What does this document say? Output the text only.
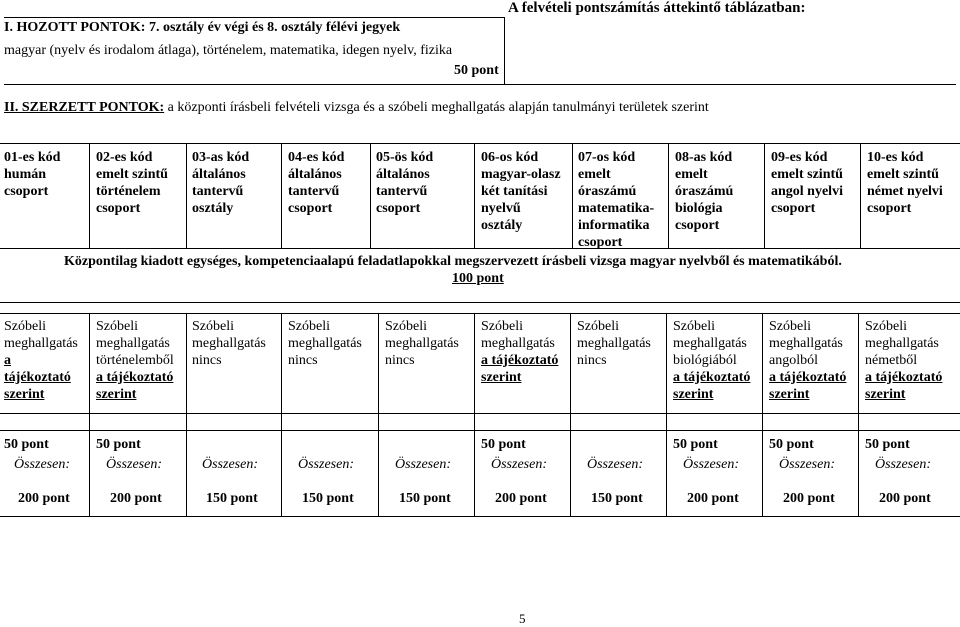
A felvételi pontszámítás áttekintő táblázatban:
I. HOZOTT PONTOK: 7. osztály év végi és 8. osztály félévi jegyek
magyar (nyelv és irodalom átlaga), történelem, matematika, idegen nyelv, fizika
50 pont
II. SZERZETT PONTOK: a központi írásbeli felvételi vizsga és a szóbeli meghallgatás alapján tanulmányi területek szerint
01-es kód
humán
csoport
02-es kód
emelt szintű
történelem
csoport
03-as kód
általános
tantervű
osztály
04-es kód
általános
tantervű
csoport
05-ös kód
általános
tantervű
csoport
06-os kód
magyar-olasz
két tanítási
nyelvű
osztály
07-os kód
emelt
óraszámú
matematika-
informatika
csoport
08-as kód
emelt
óraszámú
biológia
csoport
09-es kód
emelt szintű
angol nyelvi
csoport
10-es kód
emelt szintű
német nyelvi
csoport
Központilag kiadott egységes, kompetenciaalapú feladatlapokkal megszervezett írásbeli vizsga magyar nyelvből és matematikából.
100 pont
Szóbeli
meghallgatás
a
tájékoztató
szerint
Szóbeli
meghallgatás
történelemből
a tájékoztató
szerint
Szóbeli
meghallgatás
nincs
Szóbeli
meghallgatás
nincs
Szóbeli
meghallgatás
nincs
Szóbeli
meghallgatás
a tájékoztató
szerint
Szóbeli
meghallgatás
nincs
Szóbeli
meghallgatás
biológiából
a tájékoztató
szerint
Szóbeli
meghallgatás
angolból
a tájékoztató
szerint
Szóbeli
meghallgatás
németből
a tájékoztató
szerint
50 pont
Összesen:
200 pont
50 pont
Összesen:
200 pont
Összesen:
150 pont
Összesen:
150 pont
Összesen:
150 pont
50 pont
Összesen:
200 pont
Összesen:
150 pont
50 pont
Összesen:
200 pont
50 pont
Összesen:
200 pont
50 pont
Összesen:
200 pont
5
